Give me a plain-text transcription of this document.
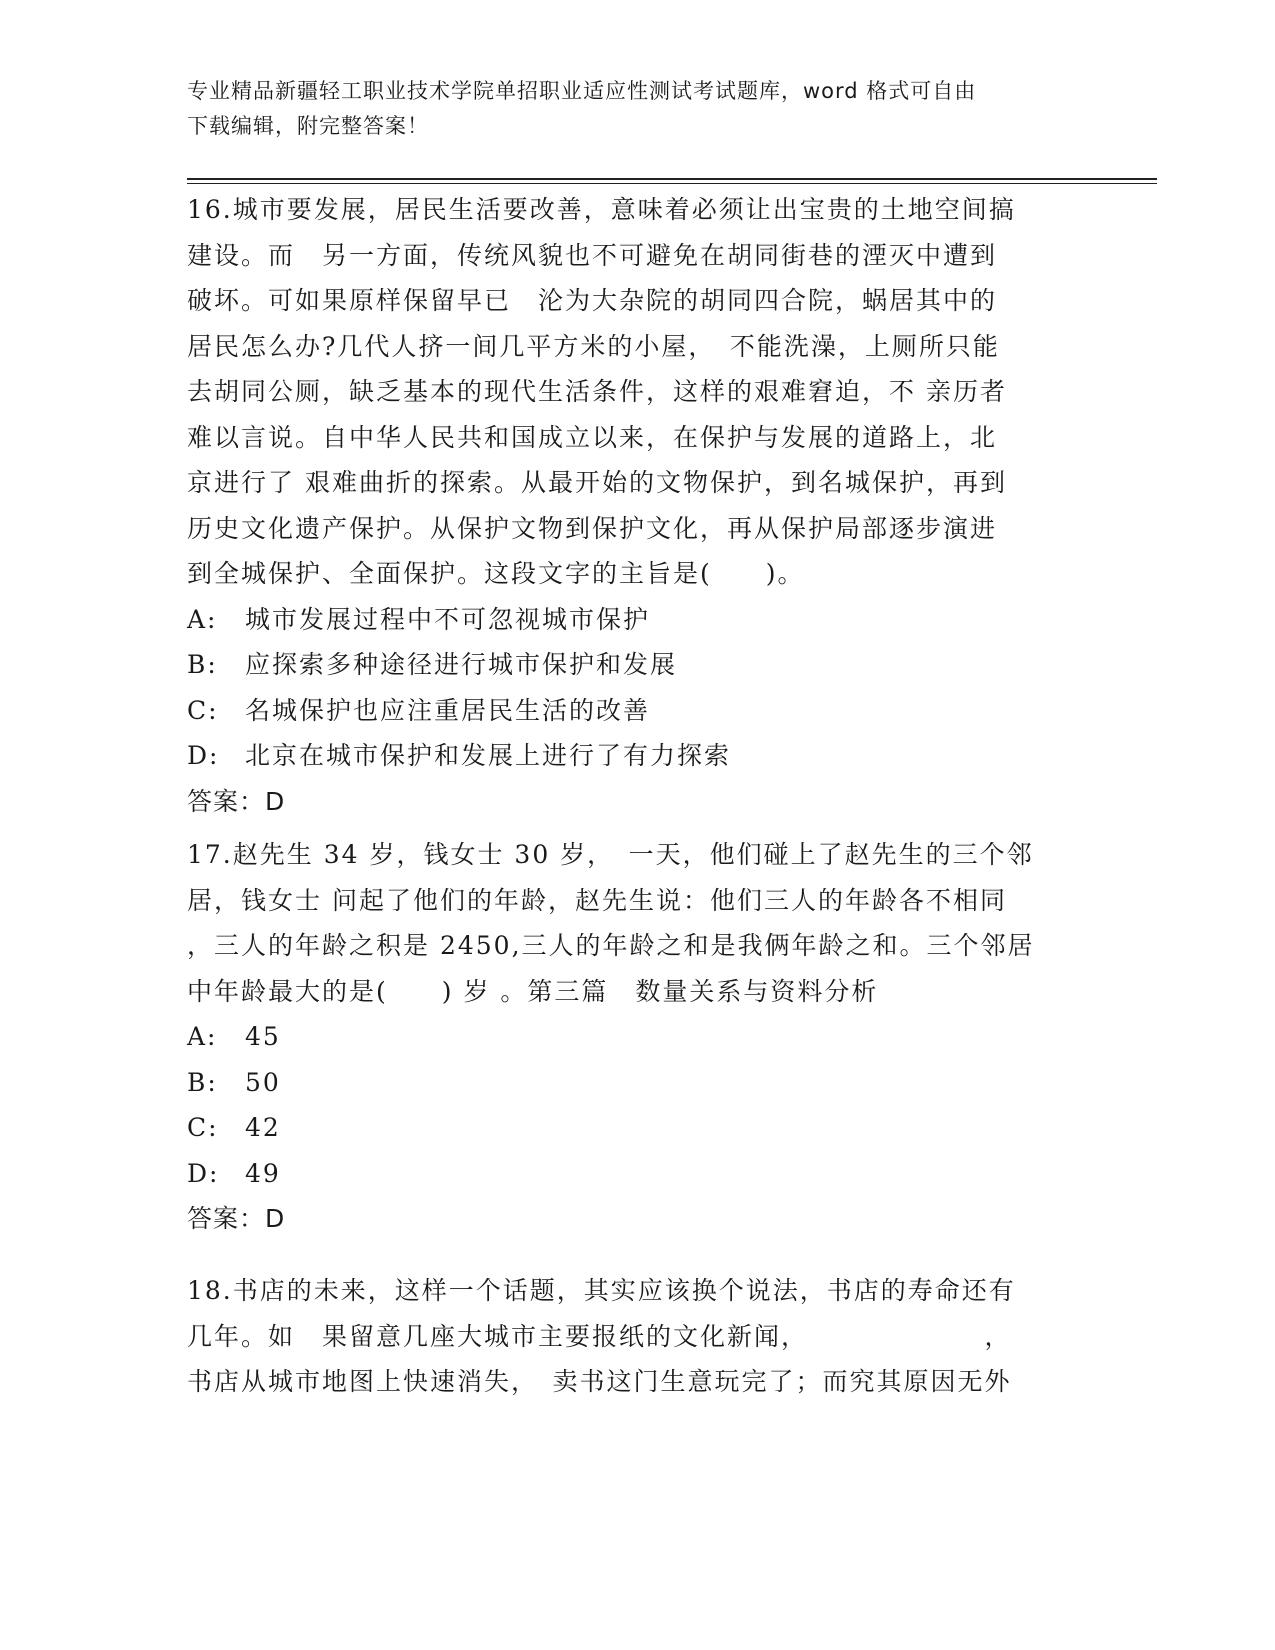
专业精品新疆轻工职业技术学院单招职业适应性测试考试题库，word 格式可自由
下载编辑，附完整答案！
16.城市要发展，居民生活要改善，意味着必须让出宝贵的土地空间搞
建设。而　另一方面，传统风貌也不可避免在胡同街巷的湮灭中遭到
破坏。可如果原样保留早已　沦为大杂院的胡同四合院，蜗居其中的
居民怎么办?几代人挤一间几平方米的小屋，　不能洗澡，上厕所只能
去胡同公厕，缺乏基本的现代生活条件，这样的艰难窘迫，不 亲历者
难以言说。自中华人民共和国成立以来，在保护与发展的道路上，北
京进行了 艰难曲折的探索。从最开始的文物保护，到名城保护，再到
历史文化遗产保护。从保护文物到保护文化，再从保护局部逐步演进
到全城保护、全面保护。这段文字的主旨是(　　)。
A: 城市发展过程中不可忽视城市保护
B: 应探索多种途径进行城市保护和发展
C: 名城保护也应注重居民生活的改善
D: 北京在城市保护和发展上进行了有力探索
答案：D
17.赵先生 34 岁，钱女士 30 岁，　一天，他们碰上了赵先生的三个邻
居，钱女士 问起了他们的年龄，赵先生说：他们三人的年龄各不相同
，三人的年龄之积是 2450,三人的年龄之和是我俩年龄之和。三个邻居
中年龄最大的是(　　) 岁 。第三篇　数量关系与资料分析
A: 45
B: 50
C: 42
D: 49
答案：D
18.书店的未来，这样一个话题，其实应该换个说法，书店的寿命还有
几年。如　果留意几座大城市主要报纸的文化新闻，　　　　　　　，
书店从城市地图上快速消失，　卖书这门生意玩完了；而究其原因无外
